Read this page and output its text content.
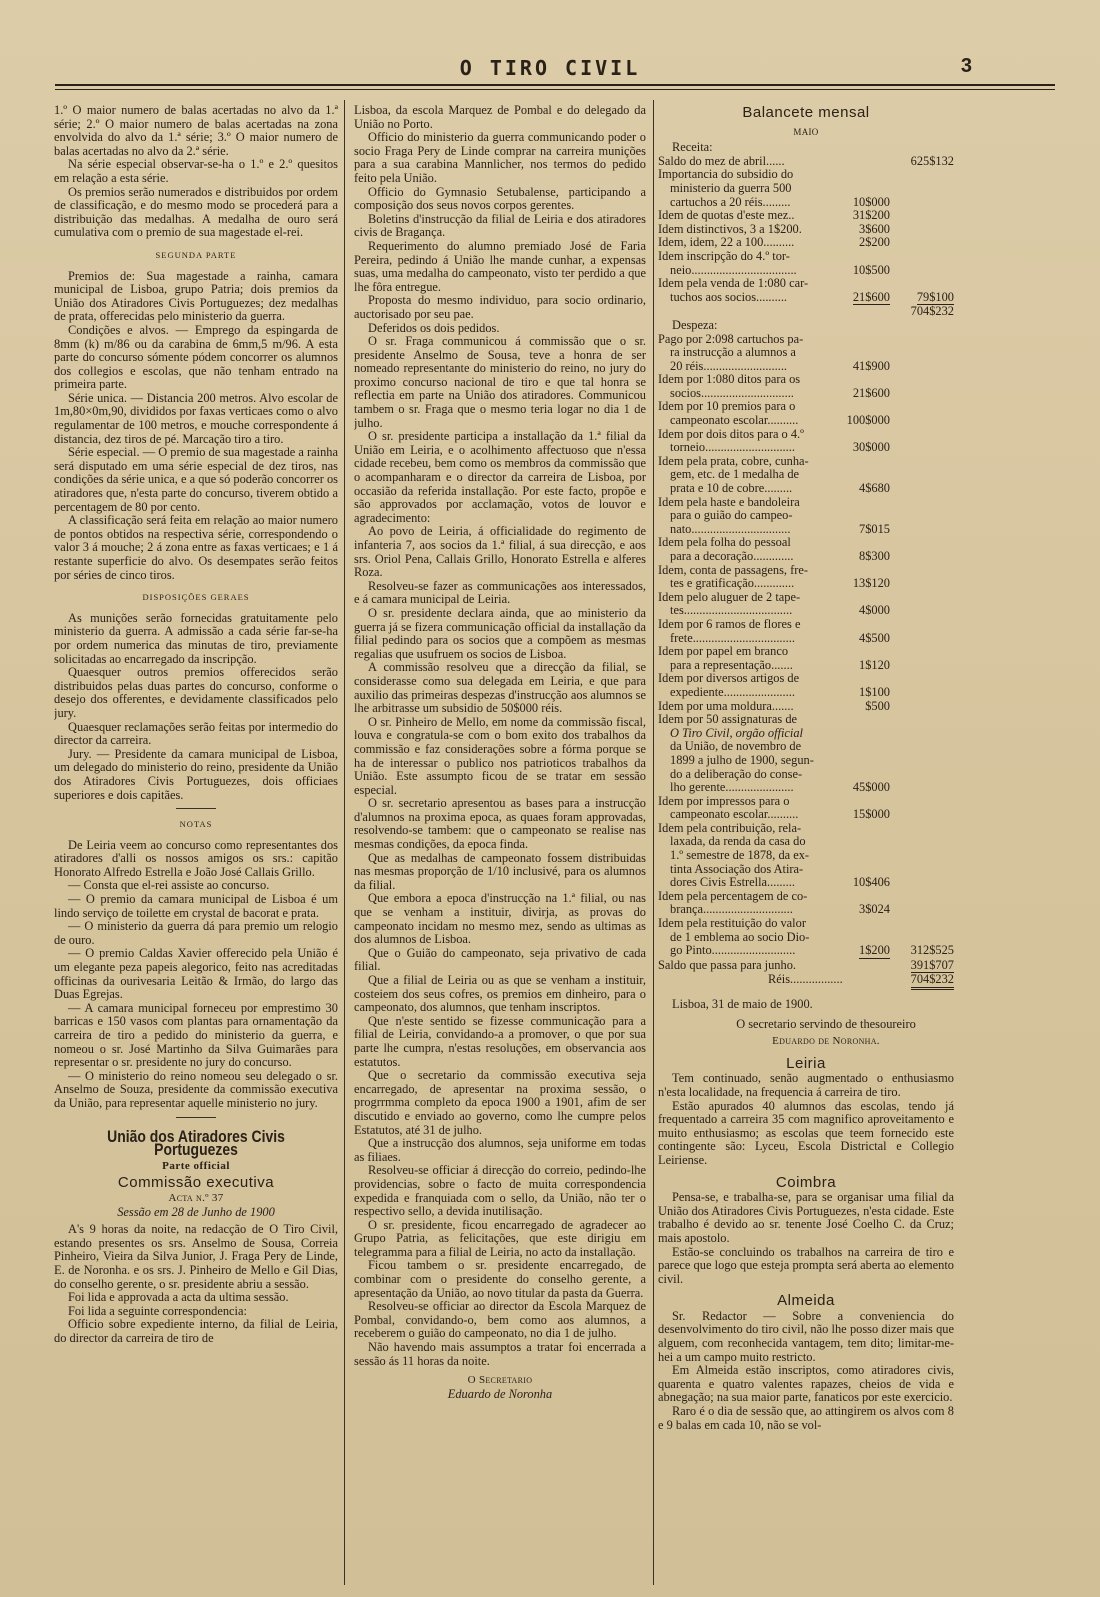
O TIRO CIVIL	3

1.º O maior numero de balas acertadas no alvo da 1.ª série; 2.º O maior numero de balas acertadas na zona envolvida do alvo da 1.ª série; 3.º O maior numero de balas acertadas no alvo da 2.ª série.

Na série especial observar-se-ha o 1.º e 2.º quesitos em relação a esta série.

Os premios serão numerados e distribuidos por ordem de classificação, e do mesmo modo se procederá para a distribuição das medalhas. A medalha de ouro será cumulativa com o premio de sua magestade el-rei.

SEGUNDA PARTE

Premios de: Sua magestade a rainha, camara municipal de Lisboa, grupo Patria; dois premios da União dos Atiradores Civis Portuguezes; dez medalhas de prata, offerecidas pelo ministerio da guerra.

Condições e alvos. — Emprego da espingarda de 8mm (k) m/86 ou da carabina de 6mm,5 m/96. A esta parte do concurso sómente pódem concorrer os alumnos dos collegios e escolas, que não tenham entrado na primeira parte.

Série unica. — Distancia 200 metros. Alvo escolar de 1m,80×0m,90, divididos por faxas verticaes como o alvo regulamentar de 100 metros, e mouche correspondente á distancia, dez tiros de pé. Marcação tiro a tiro.

Série especial. — O premio de sua magestade a rainha será disputado em uma série especial de dez tiros, nas condições da série unica, e a que só poderão concorrer os atiradores que, n'esta parte do concurso, tiverem obtido a percentagem de 80 por cento.

A classificação será feita em relação ao maior numero de pontos obtidos na respectiva série, correspondendo o valor 3 á mouche; 2 á zona entre as faxas verticaes; e 1 á restante superficie do alvo. Os desempates serão feitos por séries de cinco tiros.

DISPOSIÇÕES GERAES

As munições serão fornecidas gratuitamente pelo ministerio da guerra. A admissão a cada série far-se-ha por ordem numerica das minutas de tiro, previamente solicitadas ao encarregado da inscripção.

Quaesquer outros premios offerecidos serão distribuidos pelas duas partes do concurso, conforme o desejo dos offerentes, e devidamente classificados pelo jury.

Quaesquer reclamações serão feitas por intermedio do director da carreira.

Jury. — Presidente da camara municipal de Lisboa, um delegado do ministerio do reino, presidente da União dos Atiradores Civis Portuguezes, dois officiaes superiores e dois capitães.

NOTAS

De Leiria veem ao concurso como representantes dos atiradores d'alli os nossos amigos os srs.: capitão Honorato Alfredo Estrella e João José Callais Grillo.

— Consta que el-rei assiste ao concurso.

— O premio da camara municipal de Lisboa é um lindo serviço de toilette em crystal de bacorat e prata.

— O ministerio da guerra dá para premio um relogio de ouro.

— O premio Caldas Xavier offerecido pela União é um elegante peza papeis alegorico, feito nas acreditadas officinas da ourivesaria Leitão & Irmão, do largo das Duas Egrejas.

— A camara municipal forneceu por emprestimo 30 barricas e 150 vasos com plantas para ornamentação da carreira de tiro a pedido do ministerio da guerra, e nomeou o sr. José Martinho da Silva Guimarães para representar o sr. presidente no jury do concurso.

— O ministerio do reino nomeou seu delegado o sr. Anselmo de Souza, presidente da commissão executiva da União, para representar aquelle ministerio no jury.

União dos Atiradores Civis Portuguezes
Parte official
Commissão executiva
Acta n.º 37
Sessão em 28 de Junho de 1900

A's 9 horas da noite, na redacção de O Tiro Civil, estando presentes os srs. Anselmo de Sousa, Correia Pinheiro, Vieira da Silva Junior, J. Fraga Pery de Linde, E. de Noronha. e os srs. J. Pinheiro de Mello e Gil Dias, do conselho gerente, o sr. presidente abriu a sessão.

Foi lida e approvada a acta da ultima sessão.

Foi lida a seguinte correspondencia:

Officio sobre expediente interno, da filial de Leiria, do director da carreira de tiro de

Lisboa, da escola Marquez de Pombal e do delegado da União no Porto.

Officio do ministerio da guerra communicando poder o socio Fraga Pery de Linde comprar na carreira munições para a sua carabina Mannlicher, nos termos do pedido feito pela União.

Officio do Gymnasio Setubalense, participando a composição dos seus novos corpos gerentes.

Boletins d'instrucção da filial de Leiria e dos atiradores civis de Bragança.

Requerimento do alumno premiado José de Faria Pereira, pedindo á União lhe mande cunhar, a expensas suas, uma medalha do campeonato, visto ter perdido a que lhe fôra entregue.

Proposta do mesmo individuo, para socio ordinario, auctorisado por seu pae.

Deferidos os dois pedidos.

O sr. Fraga communicou á commissão que o sr. presidente Anselmo de Sousa, teve a honra de ser nomeado representante do ministerio do reino, no jury do proximo concurso nacional de tiro e que tal honra se reflectia em parte na União dos atiradores. Communicou tambem o sr. Fraga que o mesmo teria logar no dia 1 de julho.

O sr. presidente participa a installação da 1.ª filial da União em Leiria, e o acolhimento affectuoso que n'essa cidade recebeu, bem como os membros da commissão que o acompanharam e o director da carreira de Lisboa, por occasião da referida installação. Por este facto, propõe e são approvados por acclamação, votos de louvor e agradecimento:

Ao povo de Leiria, á officialidade do regimento de infanteria 7, aos socios da 1.ª filial, á sua direcção, e aos srs. Oriol Pena, Callais Grillo, Honorato Estrella e alferes Roza.

Resolveu-se fazer as communicações aos interessados, e á camara municipal de Leiria.

O sr. presidente declara ainda, que ao ministerio da guerra já se fizera communicação official da installação da filial pedindo para os socios que a compõem as mesmas regalias que usufruem os socios de Lisboa.

A commissão resolveu que a direcção da filial, se considerasse como sua delegada em Leiria, e que para auxilio das primeiras despezas d'instrucção aos alumnos se lhe arbitrasse um subsidio de 50$000 réis.

O sr. Pinheiro de Mello, em nome da commissão fiscal, louva e congratula-se com o bom exito dos trabalhos da commissão e faz considerações sobre a fórma porque se ha de interessar o publico nos patrioticos trabalhos da União. Este assumpto ficou de se tratar em sessão especial.

O sr. secretario apresentou as bases para a instrucção d'alumnos na proxima epoca, as quaes foram approvadas, resolvendo-se tambem: que o campeonato se realise nas mesmas condições, da epoca finda.

Que as medalhas de campeonato fossem distribuidas nas mesmas proporção de 1/10 inclusivé, para os alumnos da filial.

Que embora a epoca d'instrucção na 1.ª filial, ou nas que se venham a instituir, divirja, as provas do campeonato incidam no mesmo mez, sendo as ultimas as dos alumnos de Lisboa.

Que o Guião do campeonato, seja privativo de cada filial.

Que a filial de Leiria ou as que se venham a instituir, costeiem dos seus cofres, os premios em dinheiro, para o campeonato, dos alumnos, que tenham inscriptos.

Que n'este sentido se fizesse communicação para a filial de Leiria, convidando-a a promover, o que por sua parte lhe cumpra, n'estas resoluções, em observancia aos estatutos.

Que o secretario da commissão executiva seja encarregado, de apresentar na proxima sessão, o progrrmma completo da epoca 1900 a 1901, afim de ser discutido e enviado ao governo, como lhe cumpre pelos Estatutos, até 31 de julho.

Que a instrucção dos alumnos, seja uniforme em todas as filiaes.

Resolveu-se officiar á direcção do correio, pedindo-lhe providencias, sobre o facto de muita correspondencia expedida e franquiada com o sello, da União, não ter o respectivo sello, a devida inutilisação.

O sr. presidente, ficou encarregado de agradecer ao Grupo Patria, as felicitações, que este dirigiu em telegramma para a filial de Leiria, no acto da installação.

Ficou tambem o sr. presidente encarregado, de combinar com o presidente do conselho gerente, a apresentação da União, ao novo titular da pasta da Guerra.

Resolveu-se officiar ao director da Escola Marquez de Pombal, convidando-o, bem como aos alumnos, a receberem o guião do campeonato, no dia 1 de julho.

Não havendo mais assumptos a tratar foi encerrada a sessão ás 11 horas da noite.

O Secretario
Eduardo de Noronha
Balancete mensal
MAIO
Receita:
Saldo do mez de abril......	625$132
Importancia do subsidio do
ministerio da guerra 500
cartuchos a 20 réis.........	10$000
Idem de quotas d'este mez..	31$200
Idem distinctivos, 3 a 1$200.	3$600
Idem, idem, 22 a 100..........	2$200
Idem inscripção do 4.º tor-
neio..................................	10$500
Idem pela venda de 1:080 car-
tuchos aos socios..........	21$600	79$100
704$232
Despeza:
Pago por 2:098 cartuchos pa-
ra instrucção a alumnos a
20 réis...........................	41$900
Idem por 1:080 ditos para os
socios..............................	21$600
Idem por 10 premios para o
campeonato escolar..........	100$000
Idem por dois ditos para o 4.º
torneio.............................	30$000
Idem pela prata, cobre, cunha-
gem, etc. de 1 medalha de
prata e 10 de cobre.........	4$680
Idem pela haste e bandoleira
para o guião do campeo-
nato................................	7$015
Idem pela folha do pessoal
para a decoração.............	8$300
Idem, conta de passagens, fre-
tes e gratificação.............	13$120
Idem pelo aluguer de 2 tape-
tes...................................	4$000
Idem por 6 ramos de flores e
frete.................................	4$500
Idem por papel em branco
para a representação.......	1$120
Idem por diversos artigos de
expediente.......................	1$100
Idem por uma moldura.......	$500
Idem por 50 assignaturas de
O Tiro Civil, orgão official
da União, de novembro de
1899 a julho de 1900, segun-
do a deliberação do conse-
lho gerente......................	45$000
Idem por impressos para o
campeonato escolar..........	15$000
Idem pela contribuição, rela-
laxada, da renda da casa do
1.º semestre de 1878, da ex-
tinta Associação dos Atira-
dores Civis Estrella.........	10$406
Idem pela percentagem de co-
brança.............................	3$024
Idem pela restituição do valor
de 1 emblema ao socio Dio-
go Pinto...........................	1$200	312$525
Saldo que passa para junho.	391$707
Réis.................	704$232

Lisboa, 31 de maio de 1900.

O secretario servindo de thesoureiro
Eduardo de Noronha.
Leiria

Tem continuado, senão augmentado o enthusiasmo n'esta localidade, na frequencia á carreira de tiro.

Estão apurados 40 alumnos das escolas, tendo já frequentado a carreira 35 com magnifico aproveitamento e muito enthusiasmo; as escolas que teem fornecido este contingente são: Lyceu, Escola Districtal e Collegio Leiriense.

Coimbra

Pensa-se, e trabalha-se, para se organisar uma filial da União dos Atiradores Civis Portuguezes, n'esta cidade. Este trabalho é devido ao sr. tenente José Coelho C. da Cruz; mais apostolo.

Estão-se concluindo os trabalhos na carreira de tiro e parece que logo que esteja prompta será aberta ao elemento civil.

Almeida

Sr. Redactor — Sobre a conveniencia do desenvolvimento do tiro civil, não lhe posso dizer mais que alguem, com reconhecida vantagem, tem dito; limitar-me-hei a um campo muito restricto.

Em Almeida estão inscriptos, como atiradores civis, quarenta e quatro valentes rapazes, cheios de vida e abnegação; na sua maior parte, fanaticos por este exercicio.

Raro é o dia de sessão que, ao attingirem os alvos com 8 e 9 balas em cada 10, não se vol-
